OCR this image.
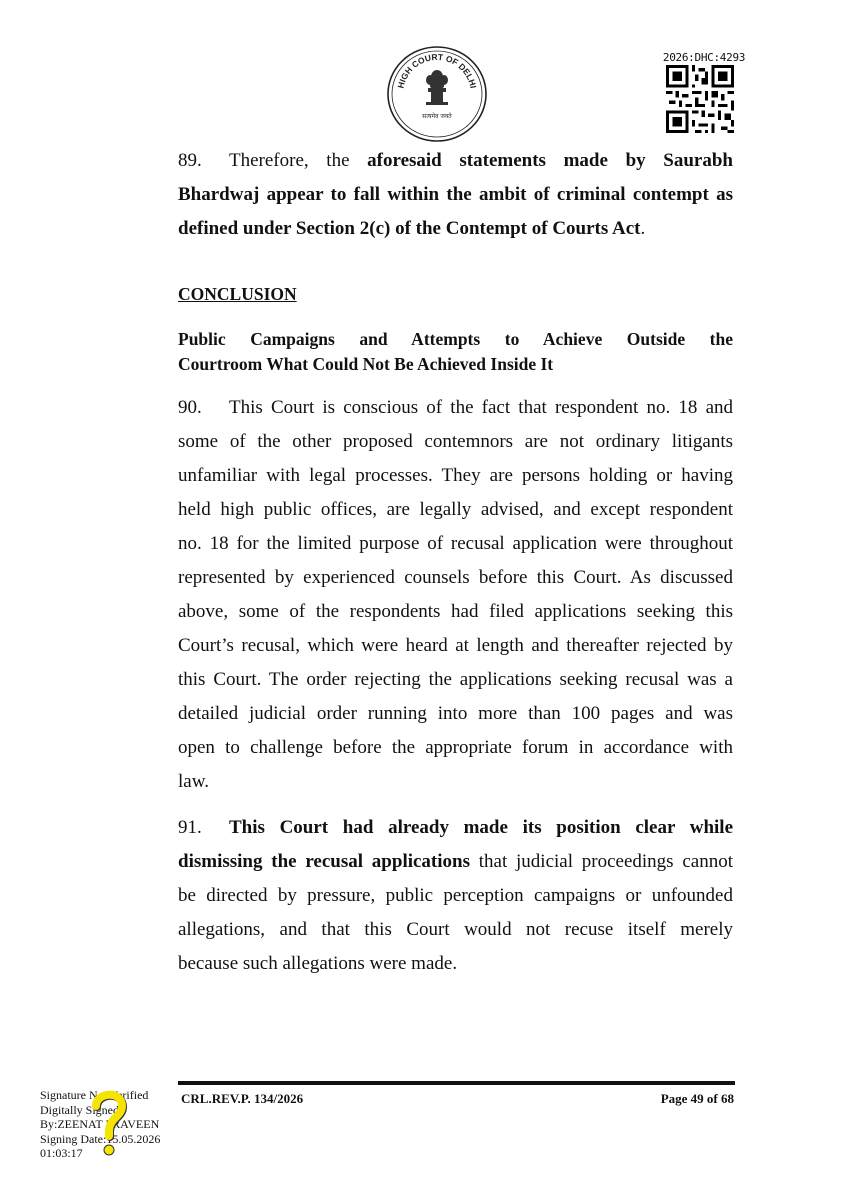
HIGH COURT OF DELHI
सत्यमेव जयते
2026:DHC:4293
89. Therefore, the aforesaid statements made by Saurabh
Bhardwaj appear to fall within the ambit of criminal contempt as
defined under Section 2(c) of the Contempt of Courts Act.
CONCLUSION
Public Campaigns and Attempts to Achieve Outside the
Courtroom What Could Not Be Achieved Inside It
90. This Court is conscious of the fact that respondent no. 18 and
some of the other proposed contemnors are not ordinary litigants
unfamiliar with legal processes. They are persons holding or having
held high public offices, are legally advised, and except respondent
no. 18 for the limited purpose of recusal application were throughout
represented by experienced counsels before this Court. As discussed
above, some of the respondents had filed applications seeking this
Court’s recusal, which were heard at length and thereafter rejected by
this Court. The order rejecting the applications seeking recusal was a
detailed judicial order running into more than 100 pages and was
open to challenge before the appropriate forum in accordance with
law.
91. This Court had already made its position clear while
dismissing the recusal applications that judicial proceedings cannot
be directed by pressure, public perception campaigns or unfounded
allegations, and that this Court would not recuse itself merely
because such allegations were made.
CRL.REV.P. 134/2026	Page 49 of 68
Signature Not Verified
Digitally Signed
By:ZEENAT PRAVEEN
Signing Date:15.05.2026
01:03:17
